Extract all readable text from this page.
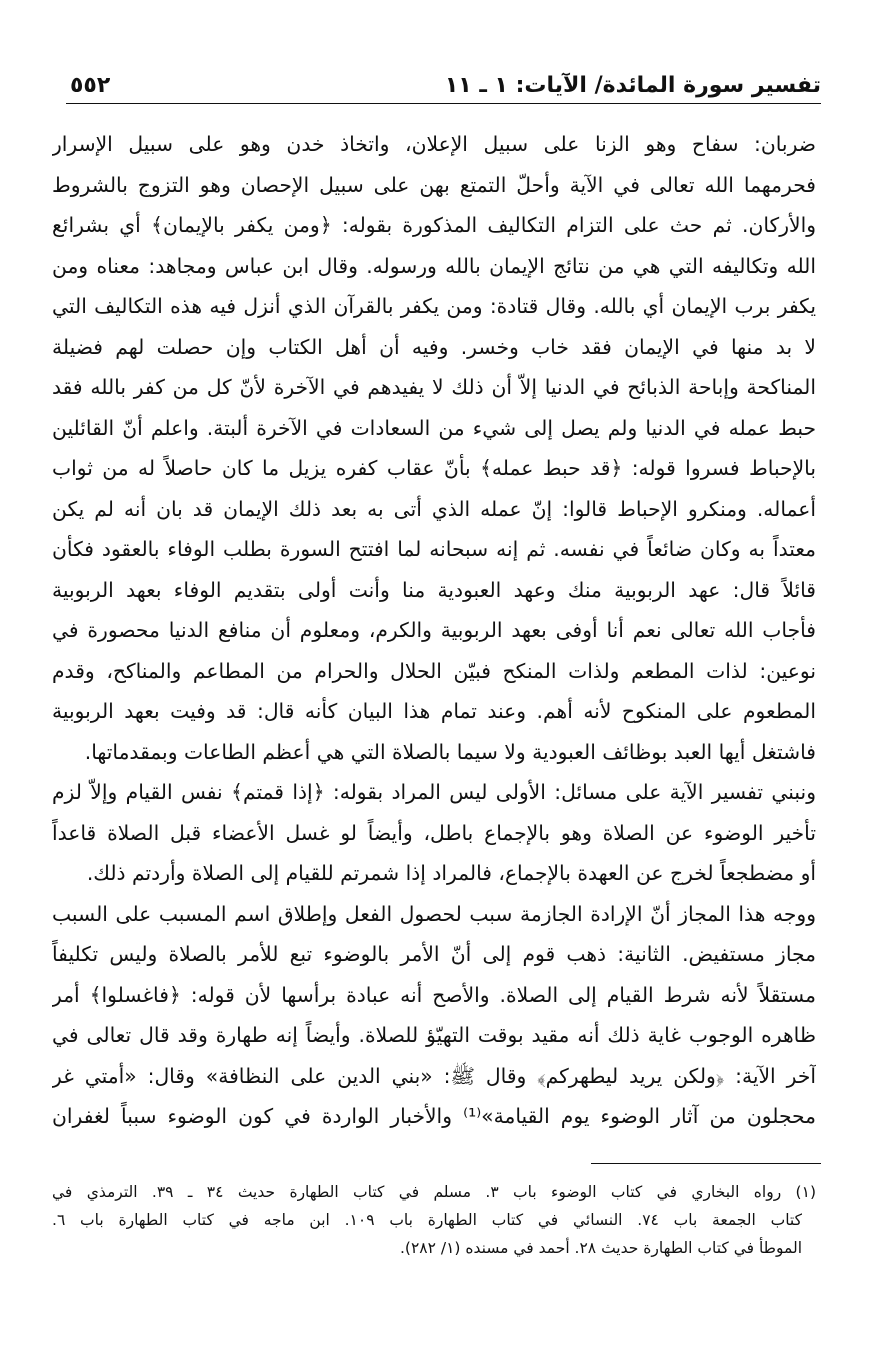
تفسير سورة المائدة/ الآيات: ١ ـ ١١
٥٥٢
ضربان: سفاح وهو الزنا على سبيل الإعلان، واتخاذ خدن وهو على سبيل الإسرار
فحرمهما الله تعالى في الآية وأحلّ التمتع بهن على سبيل الإحصان وهو التزوج بالشروط
والأركان. ثم حث على التزام التكاليف المذكورة بقوله: ﴿ومن يكفر بالإيمان﴾ أي بشرائع
الله وتكاليفه التي هي من نتائج الإيمان بالله ورسوله. وقال ابن عباس ومجاهد: معناه ومن
يكفر برب الإيمان أي بالله. وقال قتادة: ومن يكفر بالقرآن الذي أنزل فيه هذه التكاليف التي
لا بد منها في الإيمان فقد خاب وخسر. وفيه أن أهل الكتاب وإن حصلت لهم فضيلة
المناكحة وإباحة الذبائح في الدنيا إلاّ أن ذلك لا يفيدهم في الآخرة لأنّ كل من كفر بالله فقد
حبط عمله في الدنيا ولم يصل إلى شيء من السعادات في الآخرة ألبتة. واعلم أنّ القائلين
بالإحباط فسروا قوله: ﴿قد حبط عمله﴾ بأنّ عقاب كفره يزيل ما كان حاصلاً له من ثواب
أعماله. ومنكرو الإحباط قالوا: إنّ عمله الذي أتى به بعد ذلك الإيمان قد بان أنه لم يكن
معتداً به وكان ضائعاً في نفسه. ثم إنه سبحانه لما افتتح السورة بطلب الوفاء بالعقود فكأن
قائلاً قال: عهد الربوبية منك وعهد العبودية منا وأنت أولى بتقديم الوفاء بعهد الربوبية
فأجاب الله تعالى نعم أنا أوفى بعهد الربوبية والكرم، ومعلوم أن منافع الدنيا محصورة في
نوعين: لذات المطعم ولذات المنكح فبيّن الحلال والحرام من المطاعم والمناكح، وقدم
المطعوم على المنكوح لأنه أهم. وعند تمام هذا البيان كأنه قال: قد وفيت بعهد الربوبية
فاشتغل أيها العبد بوظائف العبودية ولا سيما بالصلاة التي هي أعظم الطاعات وبمقدماتها.
ونبني تفسير الآية على مسائل: الأولى ليس المراد بقوله: ﴿إذا قمتم﴾ نفس القيام وإلاّ لزم
تأخير الوضوء عن الصلاة وهو بالإجماع باطل، وأيضاً لو غسل الأعضاء قبل الصلاة قاعداً
أو مضطجعاً لخرج عن العهدة بالإجماع، فالمراد إذا شمرتم للقيام إلى الصلاة وأردتم ذلك.
ووجه هذا المجاز أنّ الإرادة الجازمة سبب لحصول الفعل وإطلاق اسم المسبب على السبب
مجاز مستفيض. الثانية: ذهب قوم إلى أنّ الأمر بالوضوء تبع للأمر بالصلاة وليس تكليفاً
مستقلاً لأنه شرط القيام إلى الصلاة. والأصح أنه عبادة برأسها لأن قوله: ﴿فاغسلوا﴾ أمر
ظاهره الوجوب غاية ذلك أنه مقيد بوقت التهيّؤ للصلاة. وأيضاً إنه طهارة وقد قال تعالى في
آخر الآية: ﴿ولكن يريد ليطهركم﴾ وقال ﷺ: «بني الدين على النظافة» وقال: «أمتي غر
محجلون من آثار الوضوء يوم القيامة»⁽¹⁾ والأخبار الواردة في كون الوضوء سبباً لغفران
(١) رواه البخاري في كتاب الوضوء باب ٣. مسلم في كتاب الطهارة حديث ٣٤ ـ ٣٩. الترمذي في
كتاب الجمعة باب ٧٤. النسائي في كتاب الطهارة باب ١٠٩. ابن ماجه في كتاب الطهارة باب ٦.
الموطأ في كتاب الطهارة حديث ٢٨. أحمد في مسنده (١/ ٢٨٢).
